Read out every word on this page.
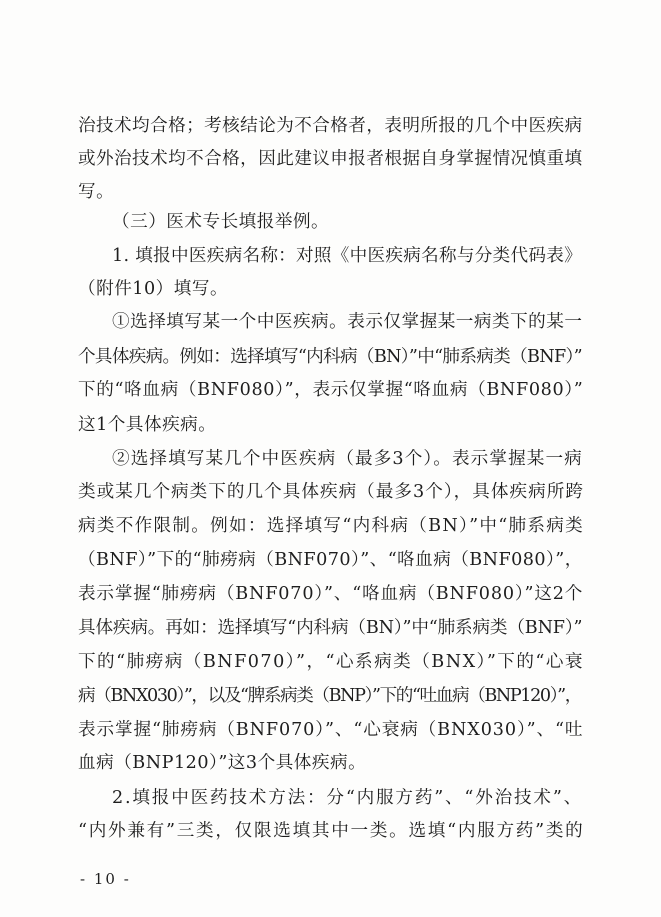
治技术均合格；考核结论为不合格者，表明所报的几个中医疾病
或外治技术均不合格，因此建议申报者根据自身掌握情况慎重填
写。
（三）医术专长填报举例。
1. 填报中医疾病名称：对照《中医疾病名称与分类代码表》
（附件10）填写。
①选择填写某一个中医疾病。表示仅掌握某一病类下的某一
个具体疾病。例如：选择填写“内科病（BN）”中“肺系病类（BNF）”
下的“咯血病（BNF080）”，表示仅掌握“咯血病（BNF080）”
这1个具体疾病。
②选择填写某几个中医疾病（最多3个）。表示掌握某一病
类或某几个病类下的几个具体疾病（最多3个），具体疾病所跨
病类不作限制。例如：选择填写“内科病（BN）”中“肺系病类
（BNF）”下的“肺痨病（BNF070）”、“咯血病（BNF080）”，
表示掌握“肺痨病（BNF070）”、“咯血病（BNF080）”这2个
具体疾病。再如：选择填写“内科病（BN）”中“肺系病类（BNF）”
下的“肺痨病（BNF070）”，“心系病类（BNX）”下的“心衰
病（BNX030）”，以及“脾系病类（BNP）”下的“吐血病（BNP120）”，
表示掌握“肺痨病（BNF070）”、“心衰病（BNX030）”、“吐
血病（BNP120）”这3个具体疾病。
2.填报中医药技术方法：分“内服方药”、“外治技术”、
“内外兼有”三类，仅限选填其中一类。选填“内服方药”类的
- 10 -
